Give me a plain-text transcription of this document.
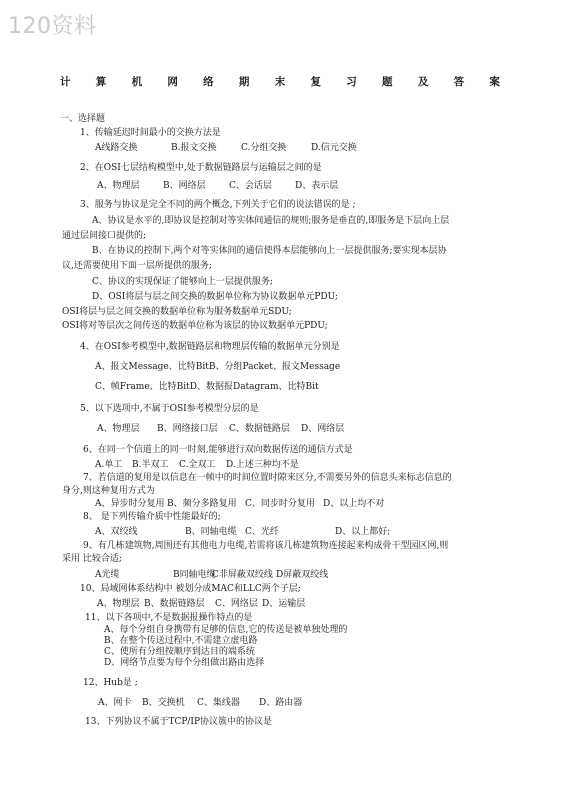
120资料
计 算 机 网 络 期 末 复 习 题 及 答 案
一、选择题
1、传输延迟时间最小的交换方法是
A线路交换	B.报文交换	C.分组交换	D.信元交换
2、在OSI七层结构模型中,处于数据链路层与运输层之间的是
A、物理层	B、网络层	C、会话层	D、表示层
3、服务与协议是完全不同的两个概念,下列关于它们的说法错误的是 ;
A、协议是水平的,即协议是控制对等实体间通信的规则;服务是垂直的,即服务是下层向上层
通过层间接口提供的;
B、在协议的控制下,两个对等实体间的通信使得本层能够向上一层提供服务;要实现本层协
议,还需要使用下面一层所提供的服务;
C、协议的实现保证了能够向上一层提供服务;
D、OSI将层与层之间交换的数据单位称为协议数据单元PDU;
OSI将层与层之间交换的数据单位称为服务数据单元SDU;
OSI将对等层次之间传送的数据单位称为该层的协议数据单元PDU;
4、在OSI参考模型中,数据链路层和物理层传输的数据单元分别是
A、报文Message、比特BitB、分组Packet、报文Message
C、帧Frame、比特BitD、数据报Datagram、比特Bit
5、以下选项中,不属于OSI参考模型分层的是
A、物理层 B、网络接口层 C、数据链路层 D、网络层
6、在同一个信道上的同一时刻,能够进行双向数据传送的通信方式是
A.单工 B.半双工 C.全双工 D.上述三种均不是
7、若信道的复用是以信息在一帧中的时间位置时隙来区分,不需要另外的信息头来标志信息的
身分,则这种复用方式为
A、异步时分复用 B、频分多路复用 C、同步时分复用 D、以上均不对
8、 是下列传输介质中性能最好的;
A、双绞线	B、同轴电缆 C、光纤	D、以上都好;
9、有几栋建筑物,周围还有其他电力电缆,若需将该几栋建筑物连接起来构成骨干型园区网,则
采用 比较合适;
A光缆	B同轴电缆C非屏蔽双绞线 D屏蔽双绞线
10、局域网体系结构中 被划分成MAC和LLC两个子层;
A、物理层 B、数据链路层 C、网络层 D、运输层
11、以下各项中,不是数据报操作特点的是
A、每个分组自身携带有足够的信息,它的传送是被单独处理的
B、在整个传送过程中,不需建立虚电路
C、使所有分组按顺序到达目的端系统
D、网络节点要为每个分组做出路由选择
12、Hub是 ;
A、网卡 B、交换机 C、集线器 D、路由器
13、下列协议不属于TCP/IP协议簇中的协议是
